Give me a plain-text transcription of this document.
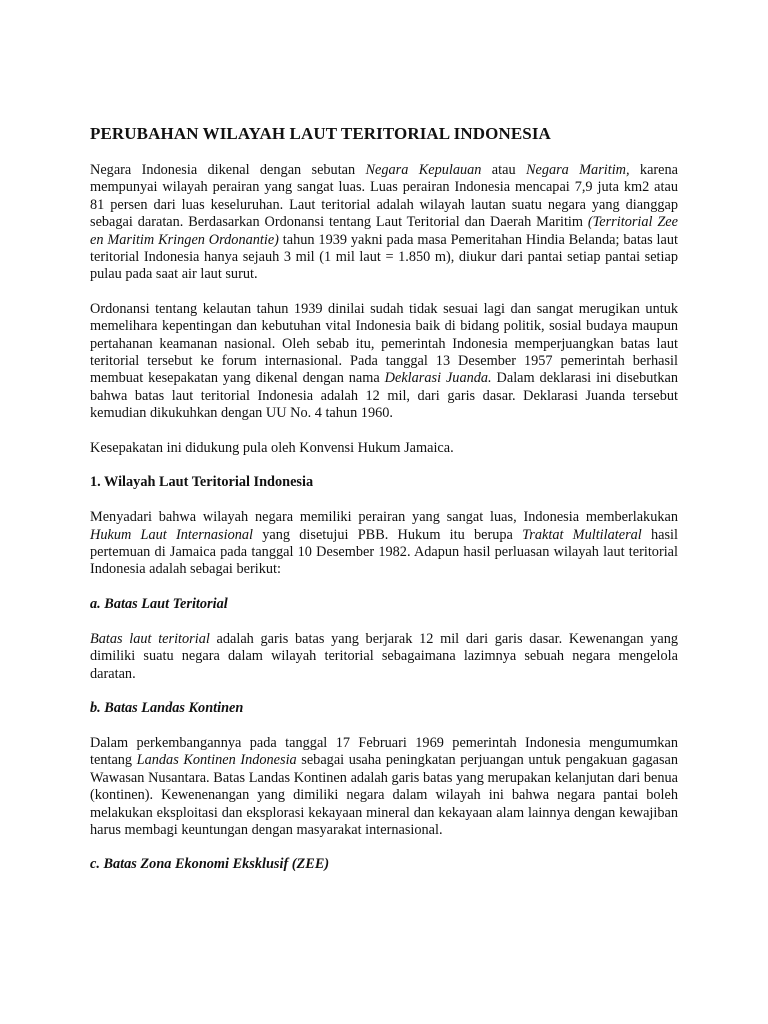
PERUBAHAN WILAYAH LAUT TERITORIAL INDONESIA

Negara Indonesia dikenal dengan sebutan Negara Kepulauan atau Negara Maritim, karena mempunyai wilayah perairan yang sangat luas. Luas perairan Indonesia mencapai 7,9 juta km2 atau 81 persen dari luas keseluruhan. Laut teritorial adalah wilayah lautan suatu negara yang dianggap sebagai daratan. Berdasarkan Ordonansi tentang Laut Teritorial dan Daerah Maritim (Territorial Zee en Maritim Kringen Ordonantie) tahun 1939 yakni pada masa Pemeritahan Hindia Belanda; batas laut teritorial Indonesia hanya sejauh 3 mil (1 mil laut = 1.850 m), diukur dari pantai setiap pantai setiap pulau pada saat air laut surut.

Ordonansi tentang kelautan tahun 1939 dinilai sudah tidak sesuai lagi dan sangat merugikan untuk memelihara kepentingan dan kebutuhan vital Indonesia baik di bidang politik, sosial budaya maupun pertahanan keamanan nasional. Oleh sebab itu, pemerintah Indonesia memperjuangkan batas laut teritorial tersebut ke forum internasional. Pada tanggal 13 Desember 1957 pemerintah berhasil membuat kesepakatan yang dikenal dengan nama Deklarasi Juanda. Dalam deklarasi ini disebutkan bahwa batas laut teritorial Indonesia adalah 12 mil, dari garis dasar. Deklarasi Juanda tersebut kemudian dikukuhkan dengan UU No. 4 tahun 1960.

Kesepakatan ini didukung pula oleh Konvensi Hukum Jamaica.

1. Wilayah Laut Teritorial Indonesia

Menyadari bahwa wilayah negara memiliki perairan yang sangat luas, Indonesia memberlakukan Hukum Laut Internasional yang disetujui PBB. Hukum itu berupa Traktat Multilateral hasil pertemuan di Jamaica pada tanggal 10 Desember 1982. Adapun hasil perluasan wilayah laut teritorial Indonesia adalah sebagai berikut:

a. Batas Laut Teritorial

Batas laut teritorial adalah garis batas yang berjarak 12 mil dari garis dasar. Kewenangan yang dimiliki suatu negara dalam wilayah teritorial sebagaimana lazimnya sebuah negara mengelola daratan.

b. Batas Landas Kontinen

Dalam perkembangannya pada tanggal 17 Februari 1969 pemerintah Indonesia mengumumkan tentang Landas Kontinen Indonesia sebagai usaha peningkatan perjuangan untuk pengakuan gagasan Wawasan Nusantara. Batas Landas Kontinen adalah garis batas yang merupakan kelanjutan dari benua (kontinen). Kewenenangan yang dimiliki negara dalam wilayah ini bahwa negara pantai boleh melakukan eksploitasi dan eksplorasi kekayaan mineral dan kekayaan alam lainnya dengan kewajiban harus membagi keuntungan dengan masyarakat internasional.

c. Batas Zona Ekonomi Eksklusif (ZEE)
